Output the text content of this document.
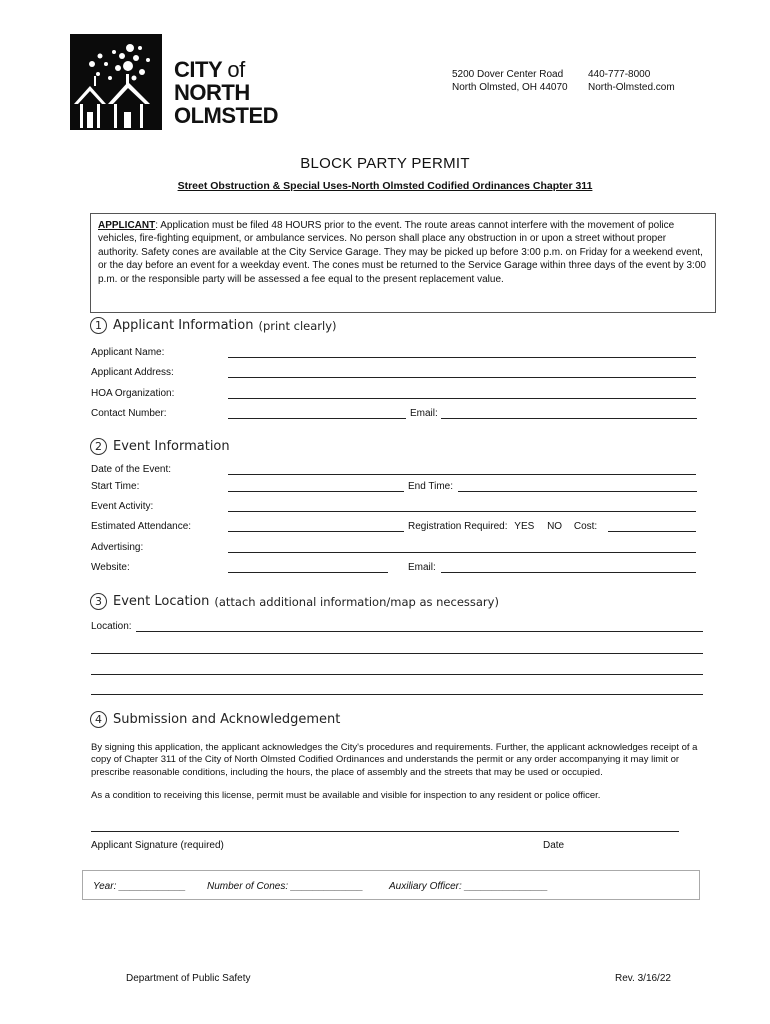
CITY of
NORTH
OLMSTED
5200 Dover Center Road
North Olmsted, OH 44070
440-777-8000
North-Olmsted.com
BLOCK PARTY PERMIT
Street Obstruction & Special Uses-North Olmsted Codified Ordinances Chapter 311
APPLICANT: Application must be filed 48 HOURS prior to the event. The route areas cannot interfere with the movement of police vehicles, fire-fighting equipment, or ambulance services. No person shall place any obstruction in or upon a street without proper authority. Safety cones are available at the City Service Garage. They may be picked up before 3:00 p.m. on Friday for a weekend event, or the day before an event for a weekday event. The cones must be returned to the Service Garage within three days of the event by 3:00 p.m. or the responsible party will be assessed a fee equal to the present replacement value.
1 Applicant Information (print clearly)
Applicant Name:
Applicant Address:
HOA Organization:
Contact Number:	Email:
2 Event Information
Date of the Event:
Start Time:	End Time:
Event Activity:
Estimated Attendance:	Registration Required: YES NO Cost:
Advertising:
Website:	Email:
3 Event Location (attach additional information/map as necessary)
Location:
4 Submission and Acknowledgement
By signing this application, the applicant acknowledges the City's procedures and requirements. Further, the applicant acknowledges receipt of a copy of Chapter 311 of the City of North Olmsted Codified Ordinances and understands the permit or any order accompanying it may limit or prescribe reasonable conditions, including the hours, the place of assembly and the streets that may be used or occupied.
As a condition to receiving this license, permit must be available and visible for inspection to any resident or police officer.
Applicant Signature (required)	Date
Year: ____________ Number of Cones: _____________	Auxiliary Officer: _______________
Department of Public Safety	Rev. 3/16/22
